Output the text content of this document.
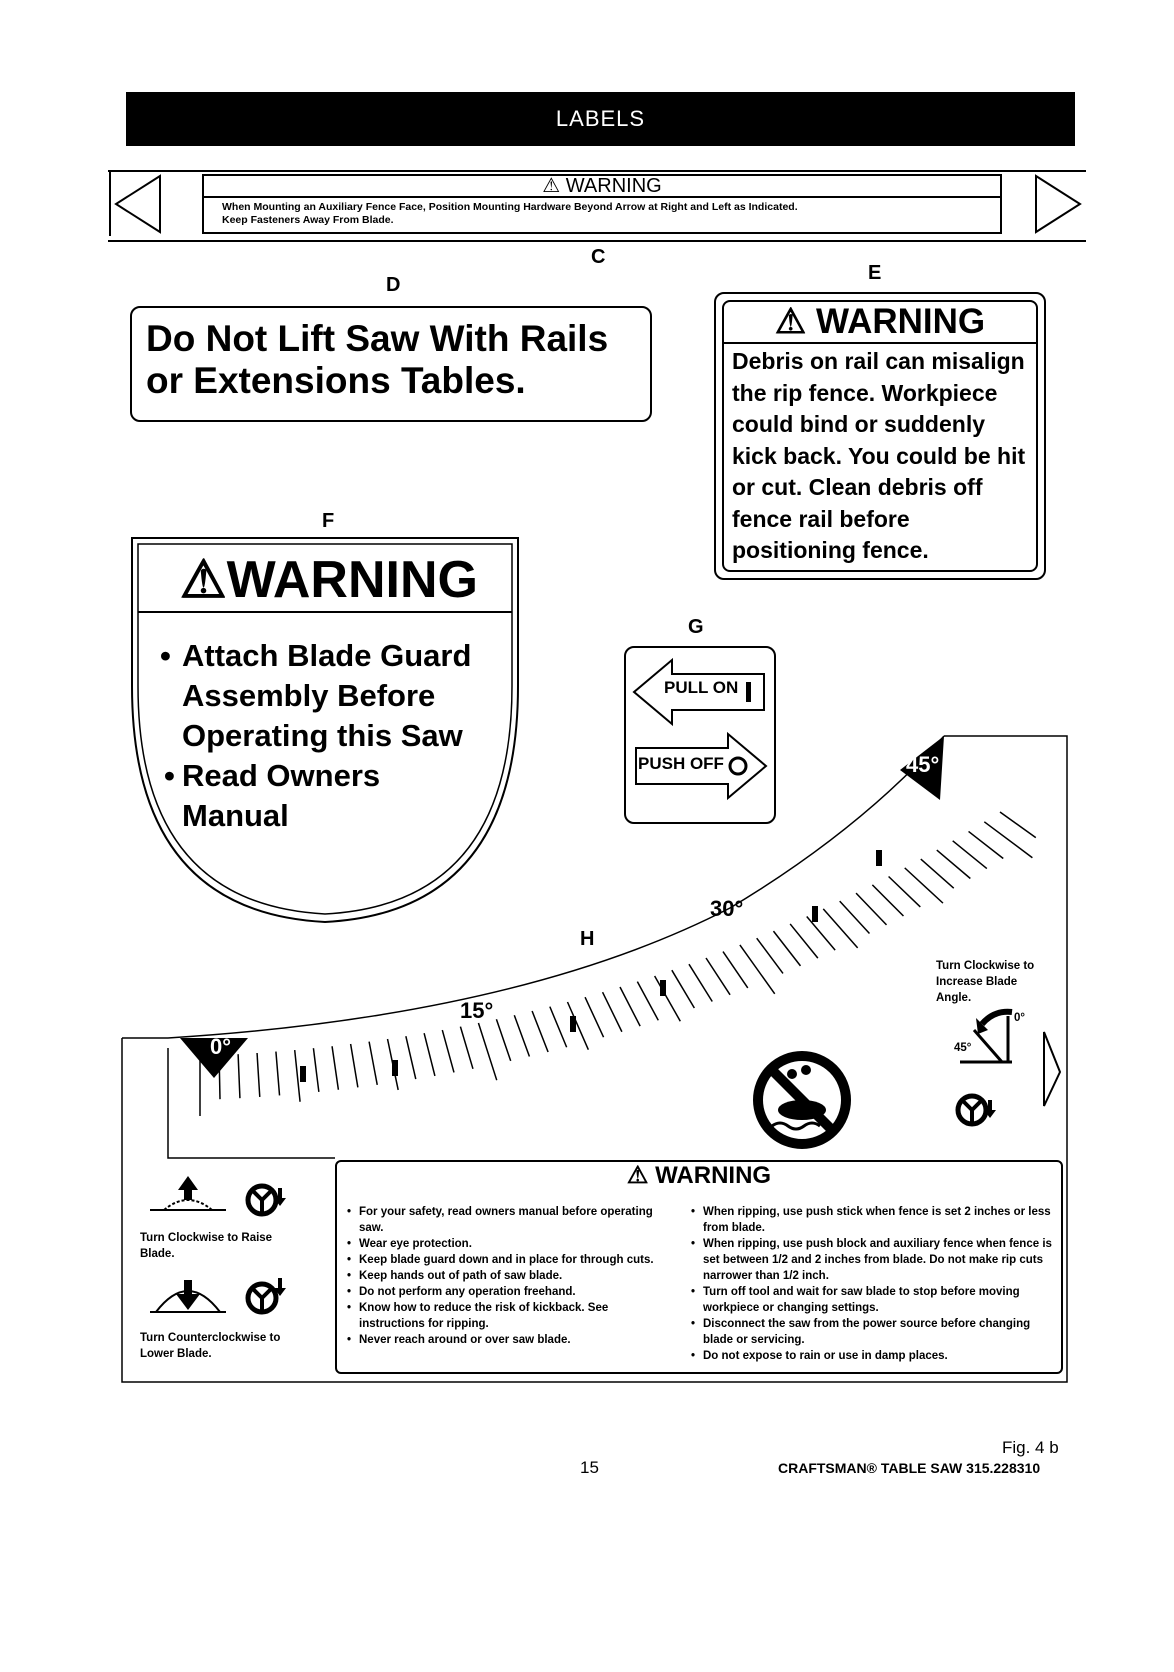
LABELS
⚠ WARNING
When Mounting an Auxiliary Fence Face, Position Mounting Hardware Beyond Arrow at Right and Left as Indicated.
Keep Fasteners Away From Blade.
C
D
Do Not Lift Saw With Rails
or Extensions Tables.
E
⚠ WARNING
Debris on rail can misalign
the rip fence. Workpiece
could bind or suddenly
kick back. You could be hit
or cut. Clean debris off
fence rail before
positioning fence.
F
⚠WARNING
• Attach Blade Guard
Assembly Before
Operating this Saw
• Read Owners
Manual
G
PULL ON
PUSH OFF
H
0°
15°
30°
45°
Turn Clockwise to
Increase Blade
Angle.
0°
45°
Turn Clockwise to Raise
Blade.
Turn Counterclockwise to
Lower Blade.
⚠ WARNING
• For your safety, read owners manual before operating saw.
• Wear eye protection.
• Keep blade guard down and in place for through cuts.
• Keep hands out of path of saw blade.
• Do not perform any operation freehand.
• Know how to reduce the risk of kickback. See instructions for ripping.
• Never reach around or over saw blade.
• When ripping, use push stick when fence is set 2 inches or less from blade.
• When ripping, use push block and auxiliary fence when fence is set between 1/2 and 2 inches from blade. Do not make rip cuts narrower than 1/2 inch.
• Turn off tool and wait for saw blade to stop before moving workpiece or changing settings.
• Disconnect the saw from the power source before changing blade or servicing.
• Do not expose to rain or use in damp places.
Fig. 4 b
15	CRAFTSMAN® TABLE SAW 315.228310
